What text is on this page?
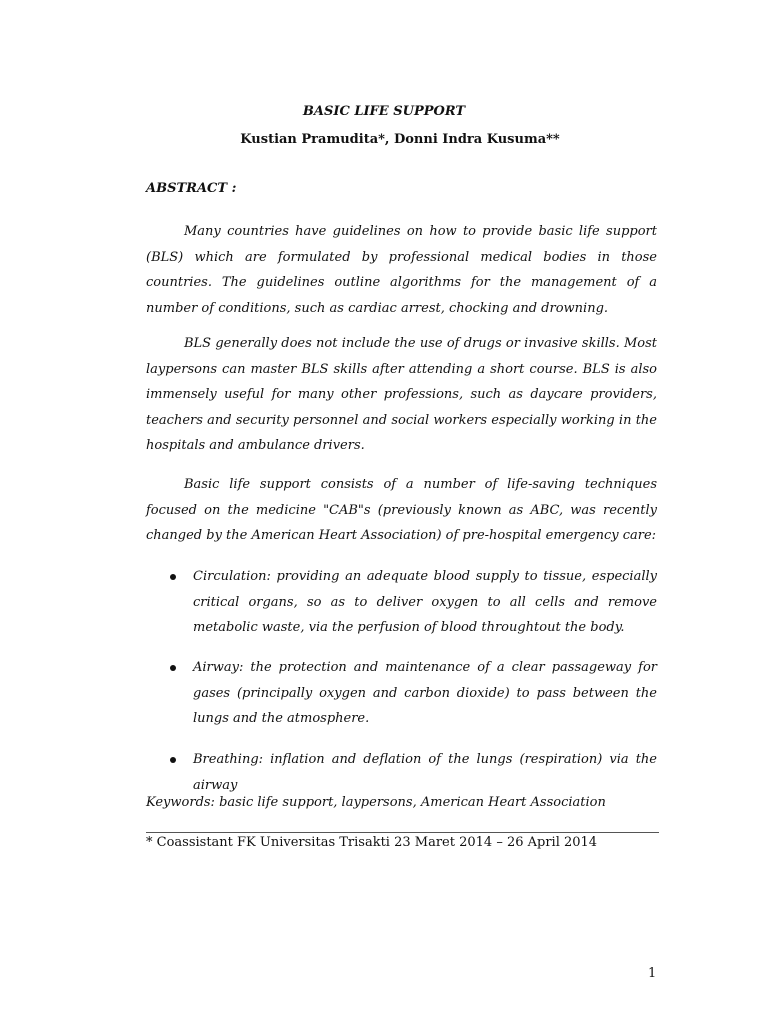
BASIC LIFE SUPPORT
Kustian Pramudita*, Donni Indra Kusuma**
ABSTRACT :
Many countries have guidelines on how to provide basic life support (BLS) which are formulated by professional medical bodies in those countries. The guidelines outline algorithms for the management of a number of conditions, such as cardiac arrest, chocking and drowning.
BLS generally does not include the use of drugs or invasive skills. Most laypersons can master BLS skills after attending a short course. BLS is also immensely useful for many other professions, such as daycare providers, teachers and security personnel and social workers especially working in the hospitals and ambulance drivers.
Basic life support consists of a number of life-saving techniques focused on the medicine "CAB"s (previously known as ABC, was recently changed by the American Heart Association) of pre-hospital emergency care:
Circulation: providing an adequate blood supply to tissue, especially critical organs, so as to deliver oxygen to all cells and remove metabolic waste, via the perfusion of blood throughtout the body.
Airway: the protection and maintenance of a clear passageway for gases (principally oxygen and carbon dioxide) to pass between the lungs and the atmosphere.
Breathing: inflation and deflation of the lungs (respiration) via the airway
Keywords: basic life support, laypersons, American Heart Association
* Coassistant FK Universitas Trisakti 23 Maret 2014 – 26 April 2014
1
